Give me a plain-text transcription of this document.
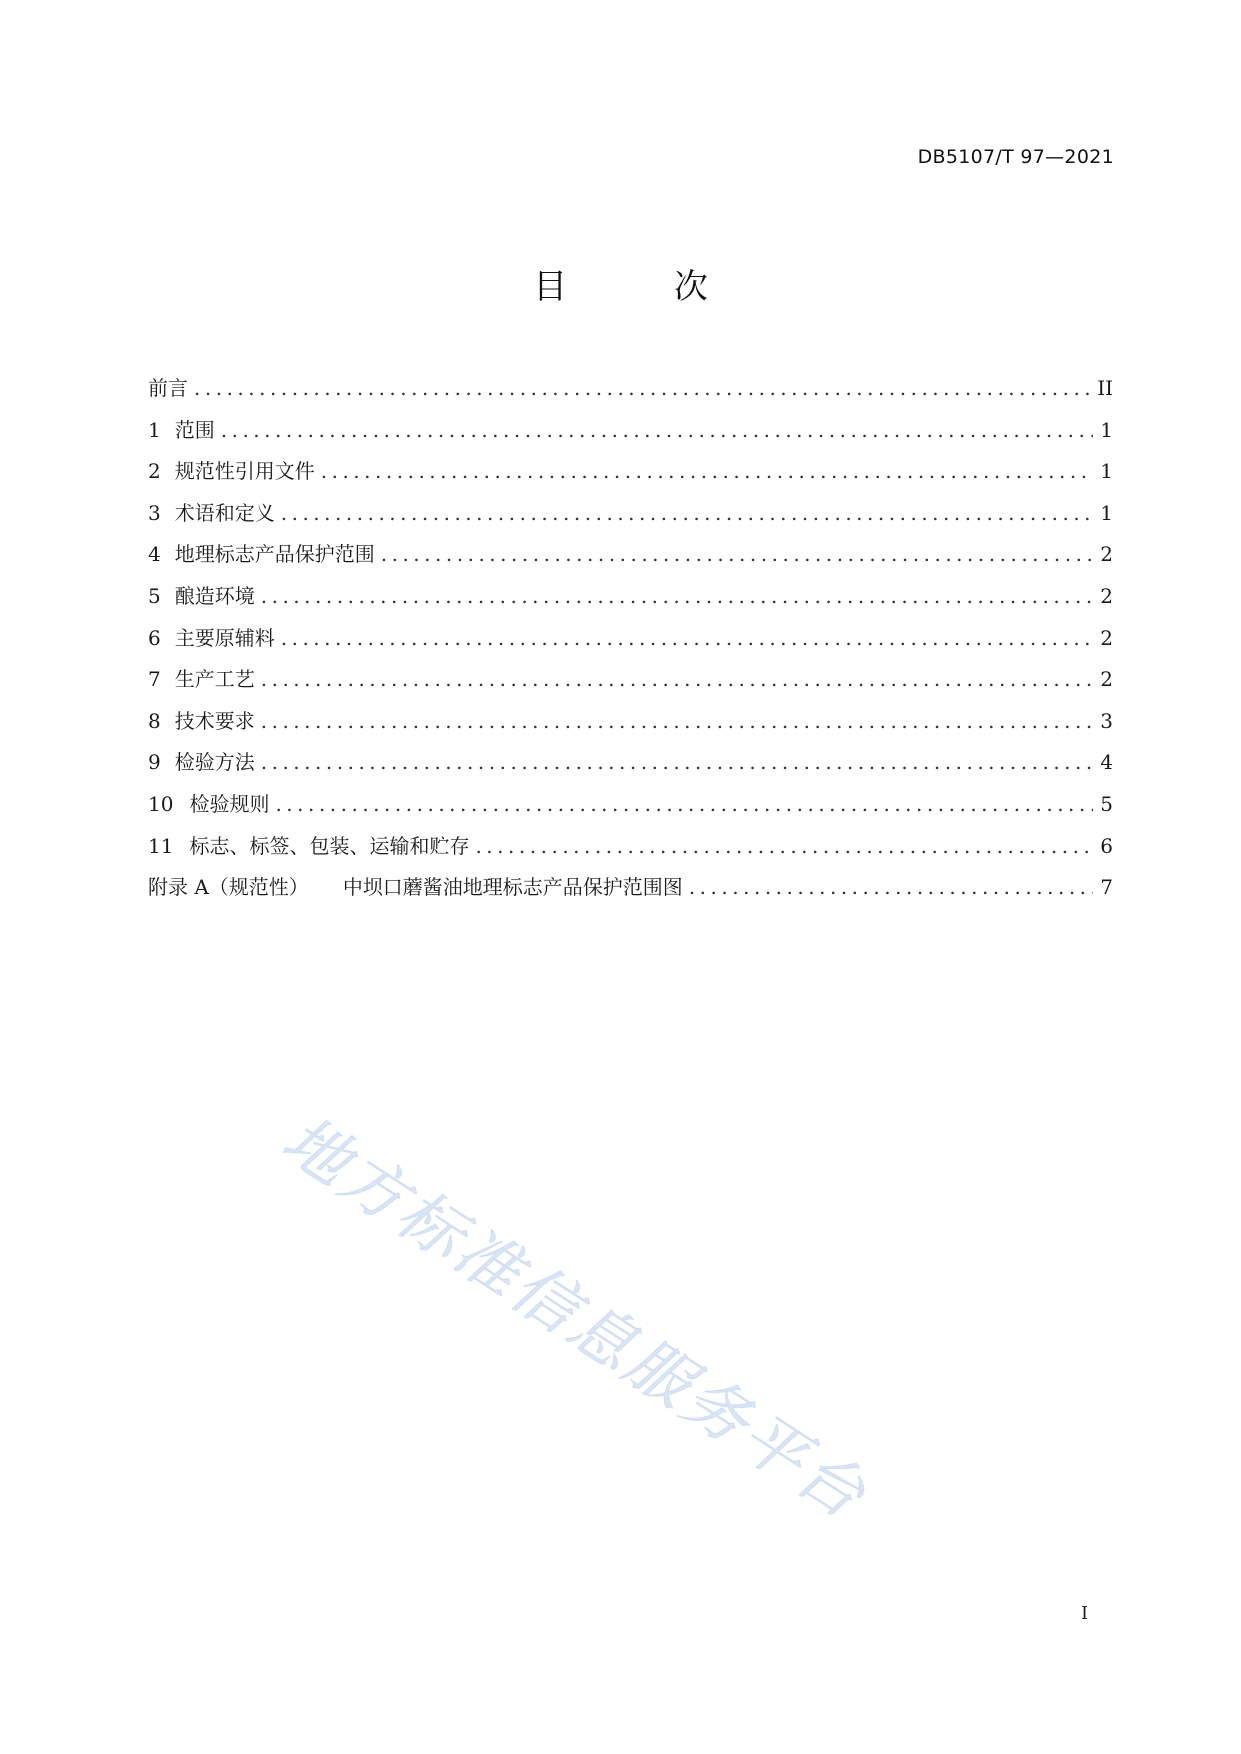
DB5107/T 97—2021
目 次
前言 .....	II
1 范围 .....	1
2 规范性引用文件 .....	1
3 术语和定义 .....	1
4 地理标志产品保护范围 .....	2
5 酿造环境 .....	2
6 主要原辅料 .....	2
7 生产工艺 .....	2
8 技术要求 .....	3
9 检验方法 .....	4
10 检验规则 .....	5
11 标志、标签、包装、运输和贮存 .....	6
附录 A（规范性） 中坝口蘑酱油地理标志产品保护范围图 .....	7
地方标准信息服务平台
I
